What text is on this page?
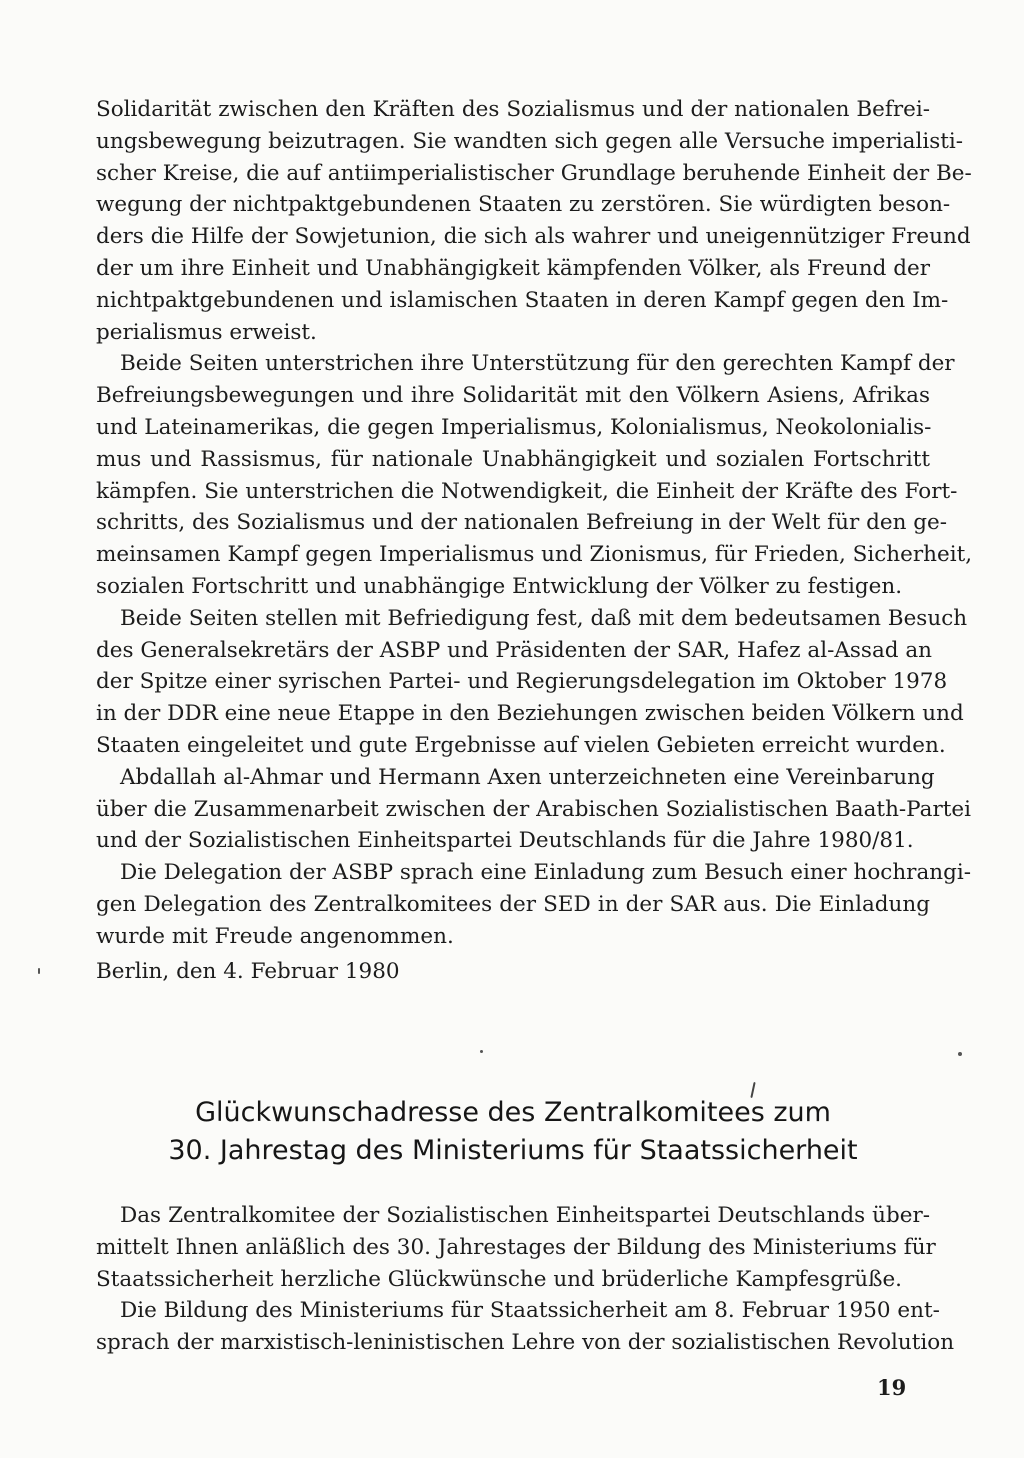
Solidarität zwischen den Kräften des Sozialismus und der nationalen Befrei-
ungsbewegung beizutragen. Sie wandten sich gegen alle Versuche imperialisti-
scher Kreise, die auf antiimperialistischer Grundlage beruhende Einheit der Be-
wegung der nichtpaktgebundenen Staaten zu zerstören. Sie würdigten beson-
ders die Hilfe der Sowjetunion, die sich als wahrer und uneigennütziger Freund
der um ihre Einheit und Unabhängigkeit kämpfenden Völker, als Freund der
nichtpaktgebundenen und islamischen Staaten in deren Kampf gegen den Im-
perialismus erweist.
Beide Seiten unterstrichen ihre Unterstützung für den gerechten Kampf der
Befreiungsbewegungen und ihre Solidarität mit den Völkern Asiens, Afrikas
und Lateinamerikas, die gegen Imperialismus, Kolonialismus, Neokolonialis-
mus und Rassismus, für nationale Unabhängigkeit und sozialen Fortschritt
kämpfen. Sie unterstrichen die Notwendigkeit, die Einheit der Kräfte des Fort-
schritts, des Sozialismus und der nationalen Befreiung in der Welt für den ge-
meinsamen Kampf gegen Imperialismus und Zionismus, für Frieden, Sicherheit,
sozialen Fortschritt und unabhängige Entwicklung der Völker zu festigen.
Beide Seiten stellen mit Befriedigung fest, daß mit dem bedeutsamen Besuch
des Generalsekretärs der ASBP und Präsidenten der SAR, Hafez al-Assad an
der Spitze einer syrischen Partei- und Regierungsdelegation im Oktober 1978
in der DDR eine neue Etappe in den Beziehungen zwischen beiden Völkern und
Staaten eingeleitet und gute Ergebnisse auf vielen Gebieten erreicht wurden.
Abdallah al-Ahmar und Hermann Axen unterzeichneten eine Vereinbarung
über die Zusammenarbeit zwischen der Arabischen Sozialistischen Baath-Partei
und der Sozialistischen Einheitspartei Deutschlands für die Jahre 1980/81.
Die Delegation der ASBP sprach eine Einladung zum Besuch einer hochrangi-
gen Delegation des Zentralkomitees der SED in der SAR aus. Die Einladung
wurde mit Freude angenommen.
Berlin, den 4. Februar 1980
Glückwunschadresse des Zentralkomitees zum
30. Jahrestag des Ministeriums für Staatssicherheit
Das Zentralkomitee der Sozialistischen Einheitspartei Deutschlands über-
mittelt Ihnen anläßlich des 30. Jahrestages der Bildung des Ministeriums für
Staatssicherheit herzliche Glückwünsche und brüderliche Kampfesgrüße.
Die Bildung des Ministeriums für Staatssicherheit am 8. Februar 1950 ent-
sprach der marxistisch-leninistischen Lehre von der sozialistischen Revolution
19
